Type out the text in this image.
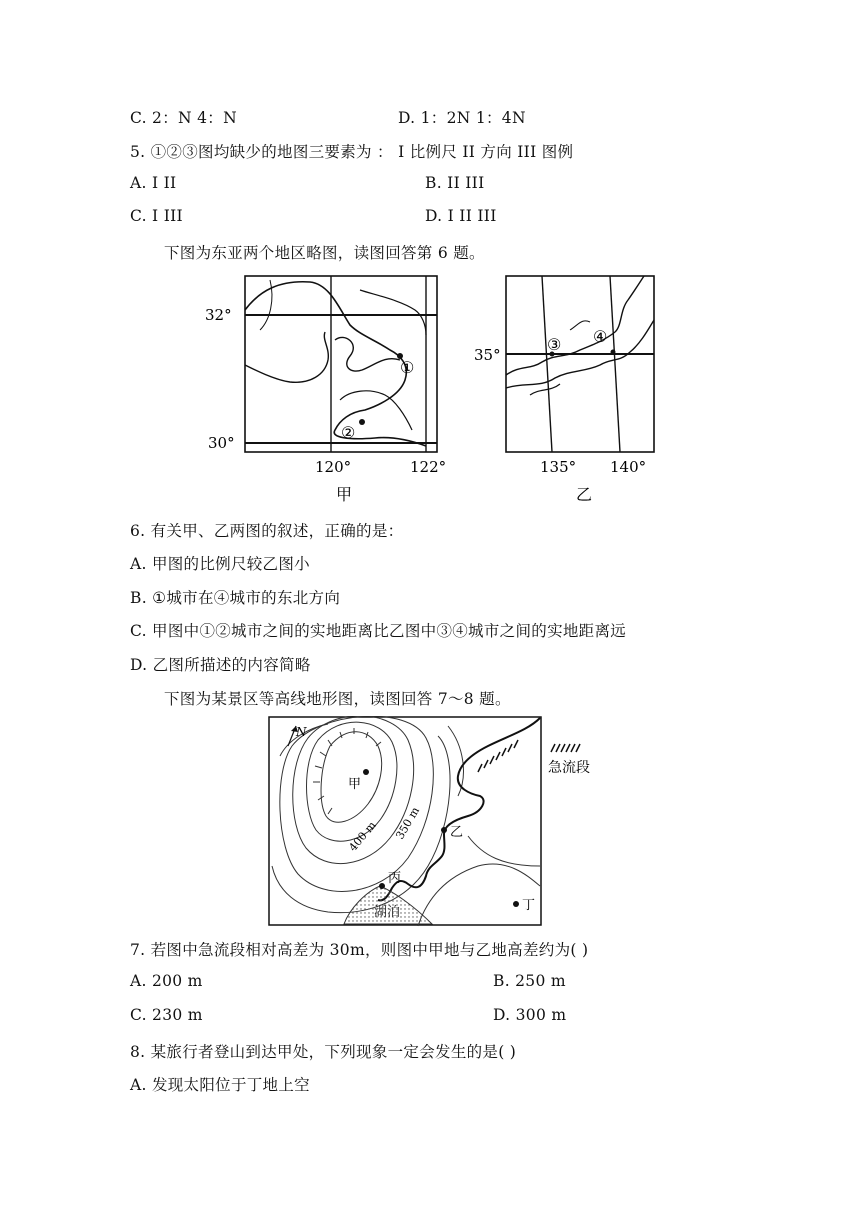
C. 2：N 4：N	D. 1：2N 1：4N
5. ①②③图均缺少的地图三要素为 ： I 比例尺 II 方向 III 图例
A. I II	B. II III
C. I III	D. I II III
下图为东亚两个地区略图，读图回答第 6 题。
①
②
32°
30°
120°	122°
甲
③ ④
35°
135° 140°
乙
6. 有关甲、乙两图的叙述，正确的是：
A. 甲图的比例尺较乙图小
B. ①城市在④城市的东北方向
C. 甲图中①②城市之间的实地距离比乙图中③④城市之间的实地距离远
D. 乙图所描述的内容简略
下图为某景区等高线地形图，读图回答 7～8 题。
湖泊
甲
乙
丙
丁
400 m 350 m
N
急流段
7. 若图中急流段相对高差为 30m，则图中甲地与乙地高差约为( )
A. 200 m	B. 250 m
C. 230 m	D. 300 m
8. 某旅行者登山到达甲处，下列现象一定会发生的是( )
A. 发现太阳位于丁地上空
